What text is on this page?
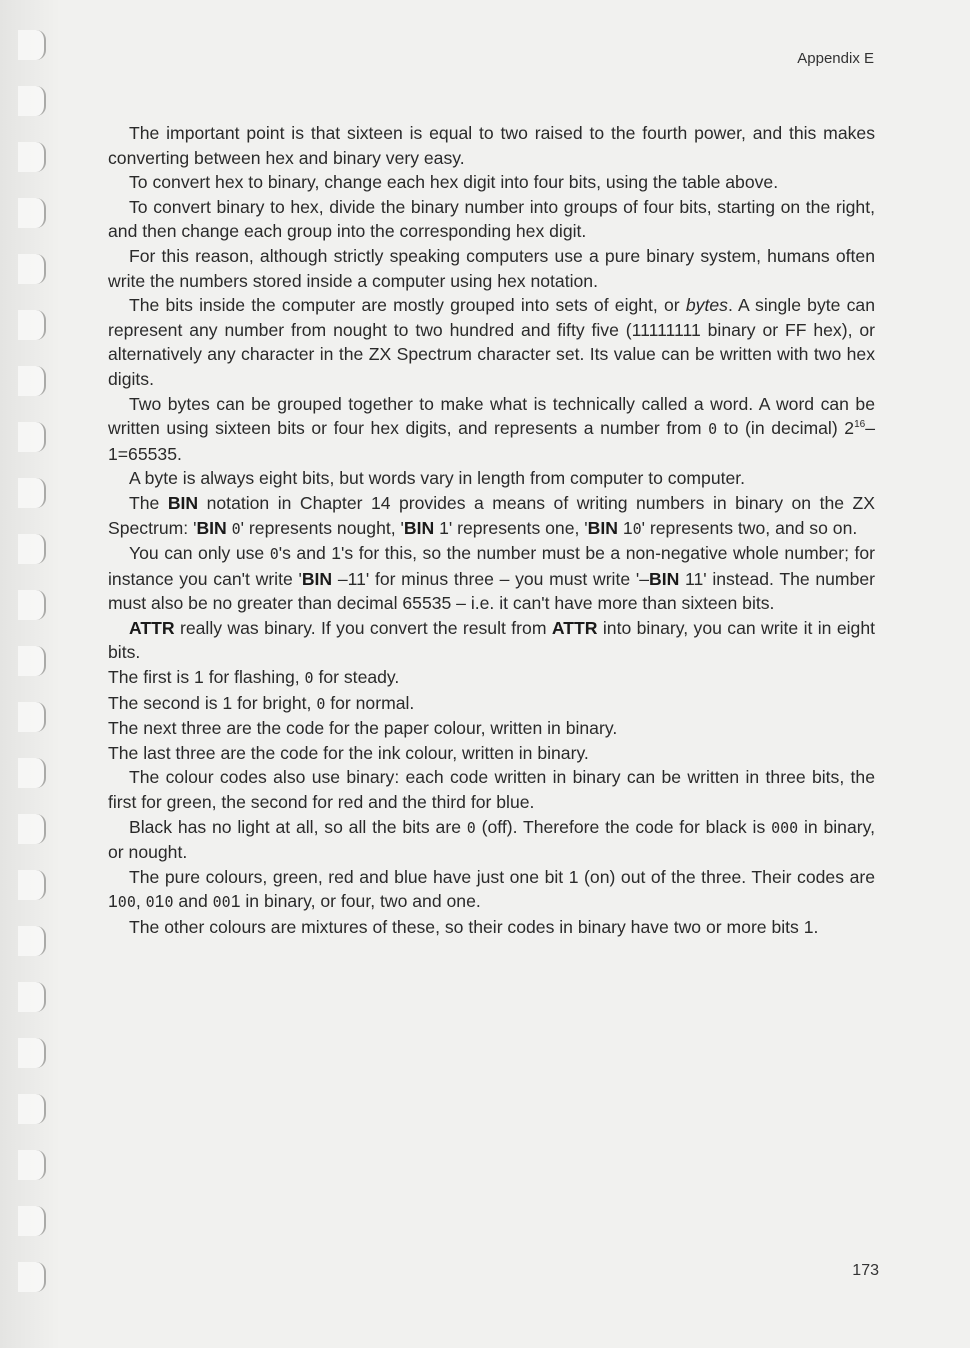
Appendix E

The important point is that sixteen is equal to two raised to the fourth power, and this makes converting between hex and binary very easy.

To convert hex to binary, change each hex digit into four bits, using the table above.

To convert binary to hex, divide the binary number into groups of four bits, starting on the right, and then change each group into the corresponding hex digit.

For this reason, although strictly speaking computers use a pure binary system, humans often write the numbers stored inside a computer using hex notation.

The bits inside the computer are mostly grouped into sets of eight, or bytes. A single byte can represent any number from nought to two hundred and fifty five (11111111 binary or FF hex), or alternatively any character in the ZX Spectrum character set. Its value can be written with two hex digits.

Two bytes can be grouped together to make what is technically called a word. A word can be written using sixteen bits or four hex digits, and represents a number from 0 to (in decimal) $2^{16}-1=65535$.

A byte is always eight bits, but words vary in length from computer to computer.

The BIN notation in Chapter 14 provides a means of writing numbers in binary on the ZX Spectrum: 'BIN 0' represents nought, 'BIN 1' represents one, 'BIN 10' represents two, and so on.

You can only use 0's and 1's for this, so the number must be a non-negative whole number; for instance you can't write 'BIN –11' for minus three – you must write '–BIN 11' instead. The number must also be no greater than decimal 65535 – i.e. it can't have more than sixteen bits.

ATTR really was binary. If you convert the result from ATTR into binary, you can write it in eight bits.

The first is 1 for flashing, 0 for steady.

The second is 1 for bright, 0 for normal.

The next three are the code for the paper colour, written in binary.

The last three are the code for the ink colour, written in binary.

The colour codes also use binary: each code written in binary can be written in three bits, the first for green, the second for red and the third for blue.

Black has no light at all, so all the bits are 0 (off). Therefore the code for black is 000 in binary, or nought.

The pure colours, green, red and blue have just one bit 1 (on) out of the three. Their codes are 100, 010 and 001 in binary, or four, two and one.

The other colours are mixtures of these, so their codes in binary have two or more bits 1.

173
